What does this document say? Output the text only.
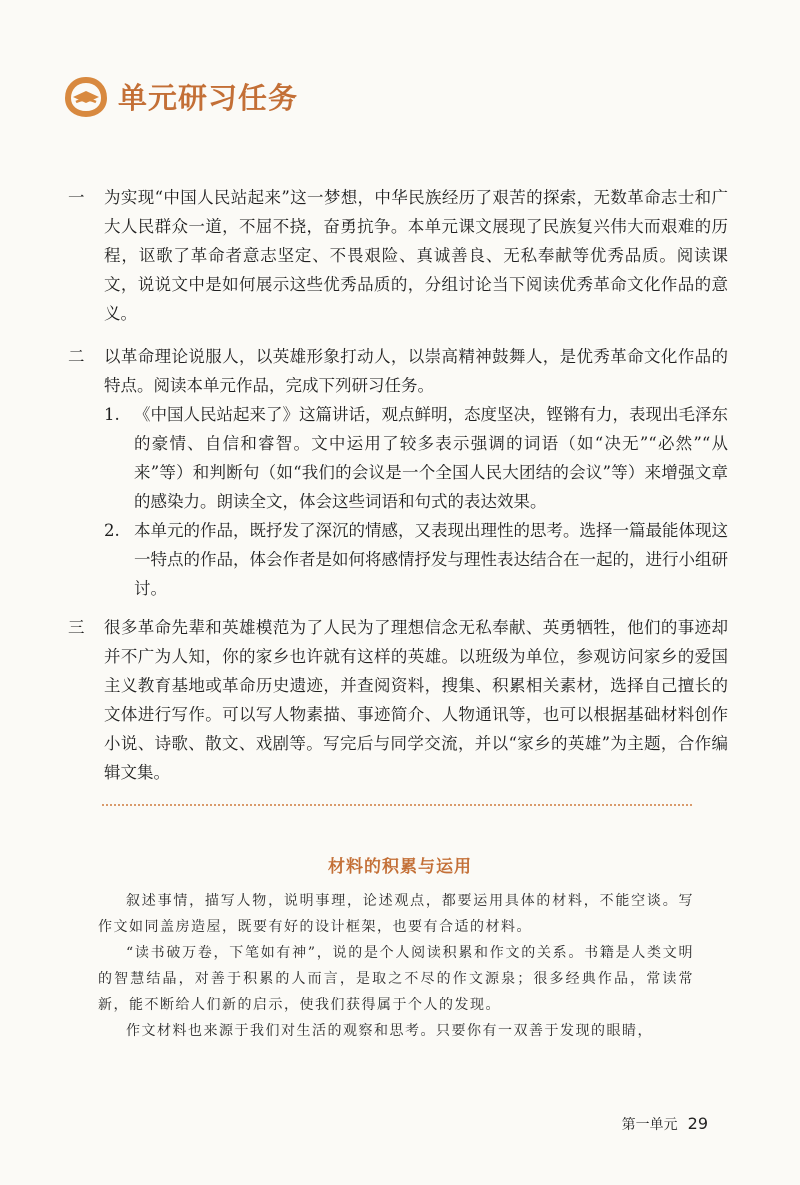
单元研习任务
一	为实现“中国人民站起来”这一梦想，中华民族经历了艰苦的探索，无数革命志士和广大人民群众一道，不屈不挠，奋勇抗争。本单元课文展现了民族复兴伟大而艰难的历程，讴歌了革命者意志坚定、不畏艰险、真诚善良、无私奉献等优秀品质。阅读课文，说说文中是如何展示这些优秀品质的，分组讨论当下阅读优秀革命文化作品的意义。
二	以革命理论说服人，以英雄形象打动人，以崇高精神鼓舞人，是优秀革命文化作品的特点。阅读本单元作品，完成下列研习任务。
1. 《中国人民站起来了》这篇讲话，观点鲜明，态度坚决，铿锵有力，表现出毛泽东的豪情、自信和睿智。文中运用了较多表示强调的词语（如“决无”“必然”“从来”等）和判断句（如“我们的会议是一个全国人民大团结的会议”等）来增强文章的感染力。朗读全文，体会这些词语和句式的表达效果。
2. 本单元的作品，既抒发了深沉的情感，又表现出理性的思考。选择一篇最能体现这一特点的作品，体会作者是如何将感情抒发与理性表达结合在一起的，进行小组研讨。
三	很多革命先辈和英雄模范为了人民为了理想信念无私奉献、英勇牺牲，他们的事迹却并不广为人知，你的家乡也许就有这样的英雄。以班级为单位，参观访问家乡的爱国主义教育基地或革命历史遗迹，并查阅资料，搜集、积累相关素材，选择自己擅长的文体进行写作。可以写人物素描、事迹简介、人物通讯等，也可以根据基础材料创作小说、诗歌、散文、戏剧等。写完后与同学交流，并以“家乡的英雄”为主题，合作编辑文集。
材料的积累与运用

叙述事情，描写人物，说明事理，论述观点，都要运用具体的材料，不能空谈。写作文如同盖房造屋，既要有好的设计框架，也要有合适的材料。

“读书破万卷，下笔如有神”，说的是个人阅读积累和作文的关系。书籍是人类文明的智慧结晶，对善于积累的人而言，是取之不尽的作文源泉；很多经典作品，常读常新，能不断给人们新的启示，使我们获得属于个人的发现。

作文材料也来源于我们对生活的观察和思考。只要你有一双善于发现的眼睛，

第一单元 29
